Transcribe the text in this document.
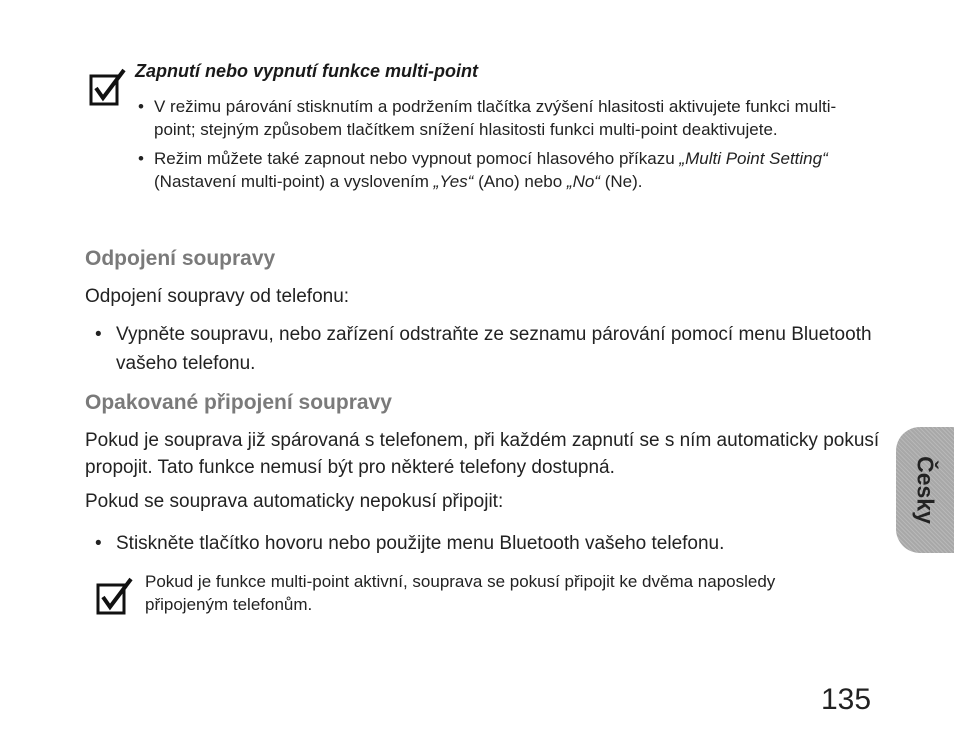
Zapnutí nebo vypnutí funkce multi-point
• V režimu párování stisknutím a podržením tlačítka zvýšení hlasitosti aktivujete funkci multi-point; stejným způsobem tlačítkem snížení hlasitosti funkci multi-point deaktivujete.
• Režim můžete také zapnout nebo vypnout pomocí hlasového příkazu „Multi Point Setting“ (Nastavení multi-point) a vyslovením „Yes“ (Ano) nebo „No“ (Ne).
Odpojení soupravy
Odpojení soupravy od telefonu:
• Vypněte soupravu, nebo zařízení odstraňte ze seznamu párování pomocí menu Bluetooth vašeho telefonu.
Opakované připojení soupravy
Pokud je souprava již spárovaná s telefonem, při každém zapnutí se s ním automaticky pokusí propojit. Tato funkce nemusí být pro některé telefony dostupná.
Pokud se souprava automaticky nepokusí připojit:
• Stiskněte tlačítko hovoru nebo použijte menu Bluetooth vašeho telefonu.
Pokud je funkce multi-point aktivní, souprava se pokusí připojit ke dvěma naposledy připojeným telefonům.
Česky
135
